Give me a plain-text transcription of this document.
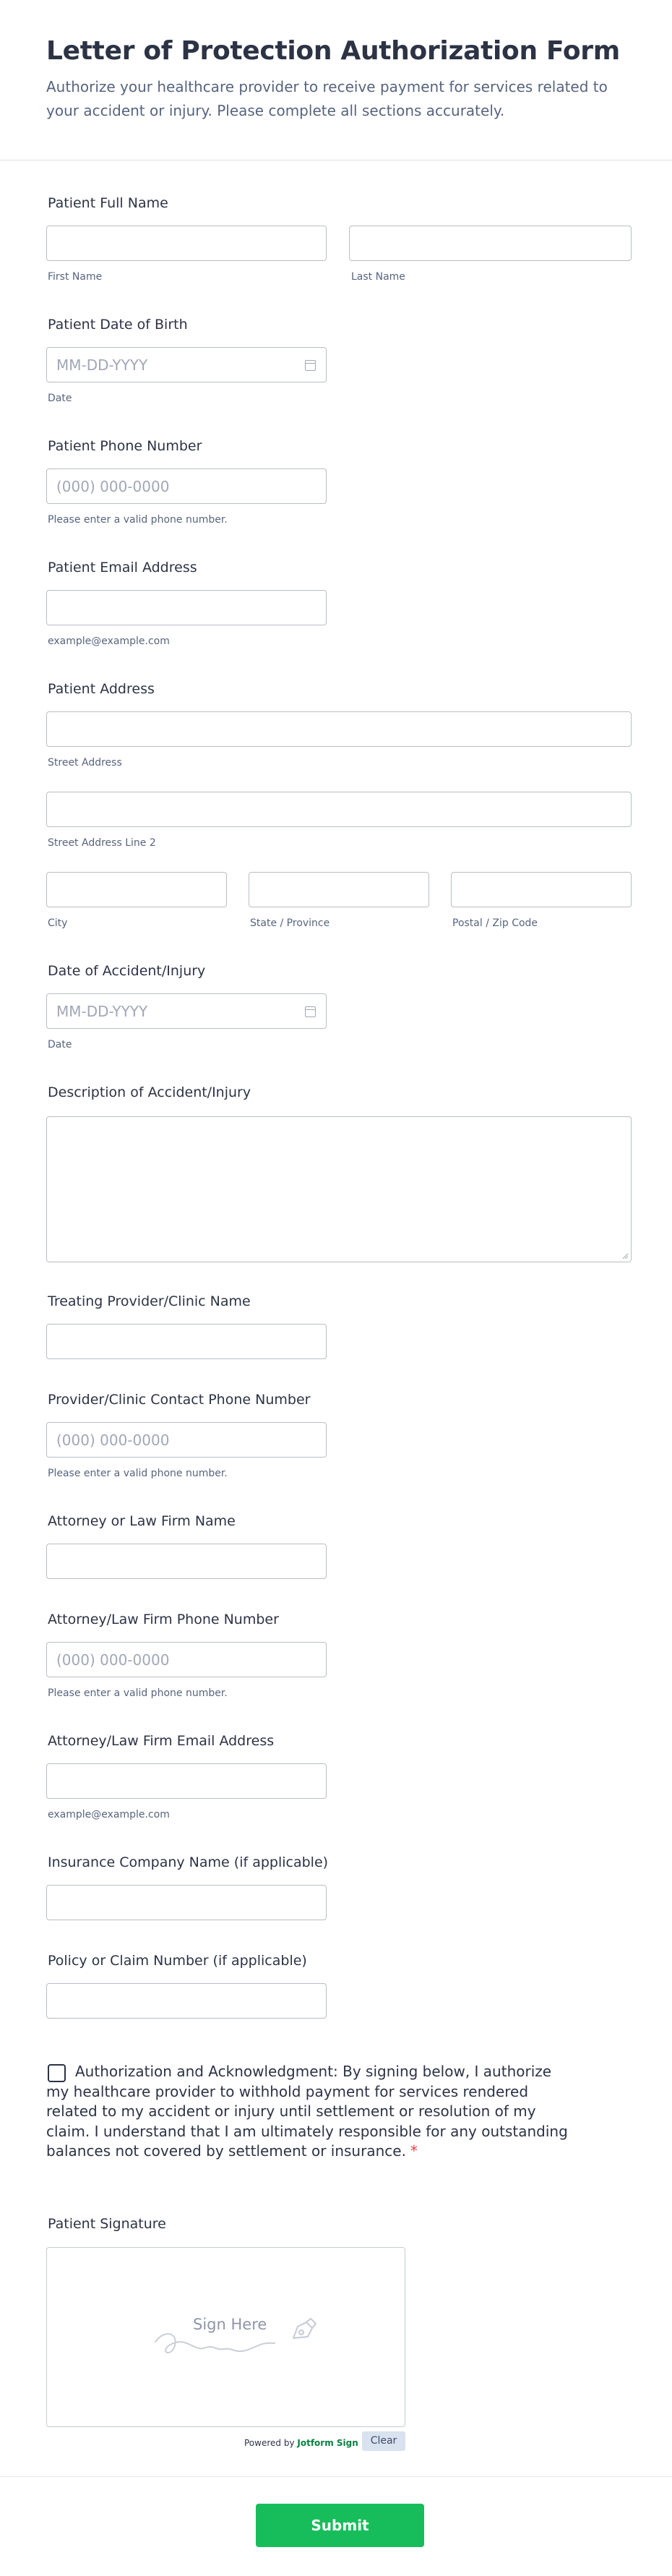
Letter of Protection Authorization Form
Authorize your healthcare provider to receive payment for services related to your accident or injury. Please complete all sections accurately.
Patient Full Name
First Name	Last Name
Patient Date of Birth
MM-DD-YYYY
Date
Patient Phone Number
(000) 000-0000
Please enter a valid phone number.
Patient Email Address
example@example.com
Patient Address
Street Address
Street Address Line 2
City	State / Province	Postal / Zip Code
Date of Accident/Injury
MM-DD-YYYY
Date
Description of Accident/Injury
Treating Provider/Clinic Name
Provider/Clinic Contact Phone Number
(000) 000-0000
Please enter a valid phone number.
Attorney or Law Firm Name
Attorney/Law Firm Phone Number
(000) 000-0000
Please enter a valid phone number.
Attorney/Law Firm Email Address
example@example.com
Insurance Company Name (if applicable)
Policy or Claim Number (if applicable)
Authorization and Acknowledgment: By signing below, I authorize my healthcare provider to withhold payment for services rendered related to my accident or injury until settlement or resolution of my claim. I understand that I am ultimately responsible for any outstanding balances not covered by settlement or insurance. *
Patient Signature
Sign Here
Powered by Jotform Sign	Clear
Submit Authorization
